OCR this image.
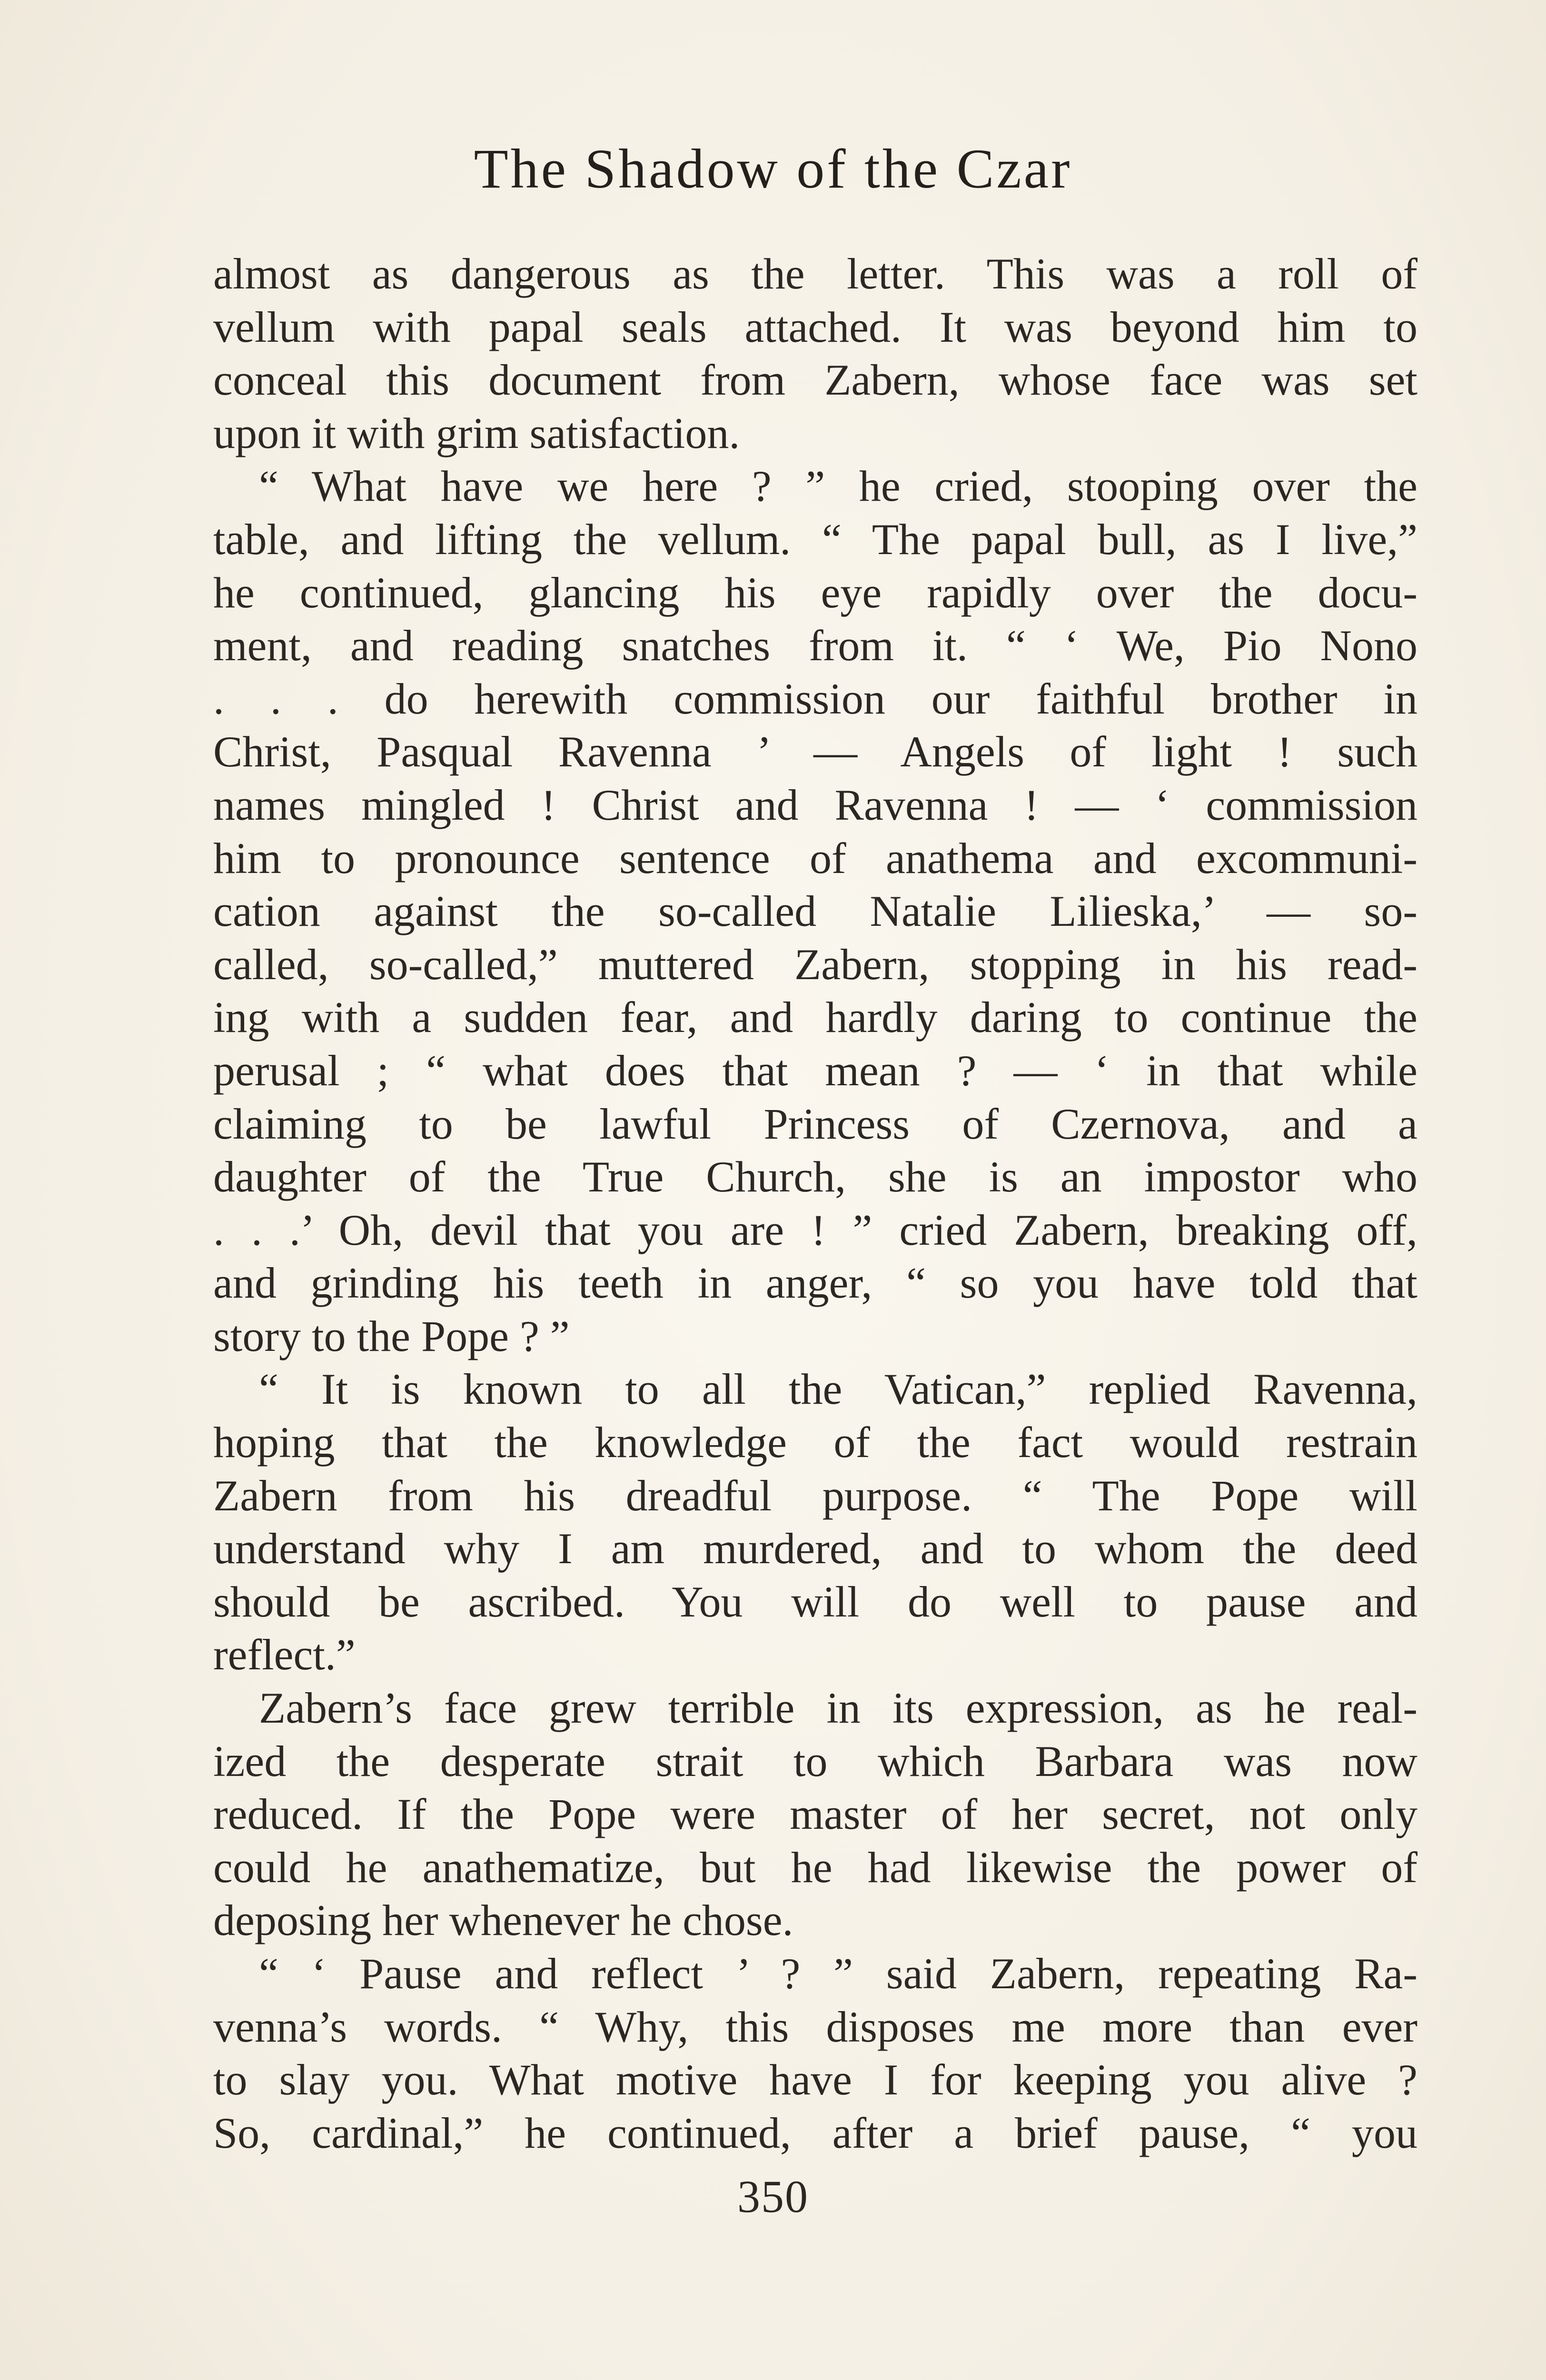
The Shadow of the Czar
almost as dangerous as the letter. This was a roll of
vellum with papal seals attached. It was beyond him to
conceal this document from Zabern, whose face was set
upon it with grim satisfaction.
“ What have we here ? ” he cried, stooping over the
table, and lifting the vellum. “ The papal bull, as I live,”
he continued, glancing his eye rapidly over the docu-
ment, and reading snatches from it. “ ‘ We, Pio Nono
. . . do herewith commission our faithful brother in
Christ, Pasqual Ravenna ’ — Angels of light ! such
names mingled ! Christ and Ravenna ! — ‘ commission
him to pronounce sentence of anathema and excommuni-
cation against the so-called Natalie Lilieska,’ — so-
called, so-called,” muttered Zabern, stopping in his read-
ing with a sudden fear, and hardly daring to continue the
perusal ; “ what does that mean ? — ‘ in that while
claiming to be lawful Princess of Czernova, and a
daughter of the True Church, she is an impostor who
. . .’ Oh, devil that you are ! ” cried Zabern, breaking off,
and grinding his teeth in anger, “ so you have told that
story to the Pope ? ”
“ It is known to all the Vatican,” replied Ravenna,
hoping that the knowledge of the fact would restrain
Zabern from his dreadful purpose. “ The Pope will
understand why I am murdered, and to whom the deed
should be ascribed. You will do well to pause and
reflect.”
Zabern’s face grew terrible in its expression, as he real-
ized the desperate strait to which Barbara was now
reduced. If the Pope were master of her secret, not only
could he anathematize, but he had likewise the power of
deposing her whenever he chose.
“ ‘ Pause and reflect ’ ? ” said Zabern, repeating Ra-
venna’s words. “ Why, this disposes me more than ever
to slay you. What motive have I for keeping you alive ?
So, cardinal,” he continued, after a brief pause, “ you
350
